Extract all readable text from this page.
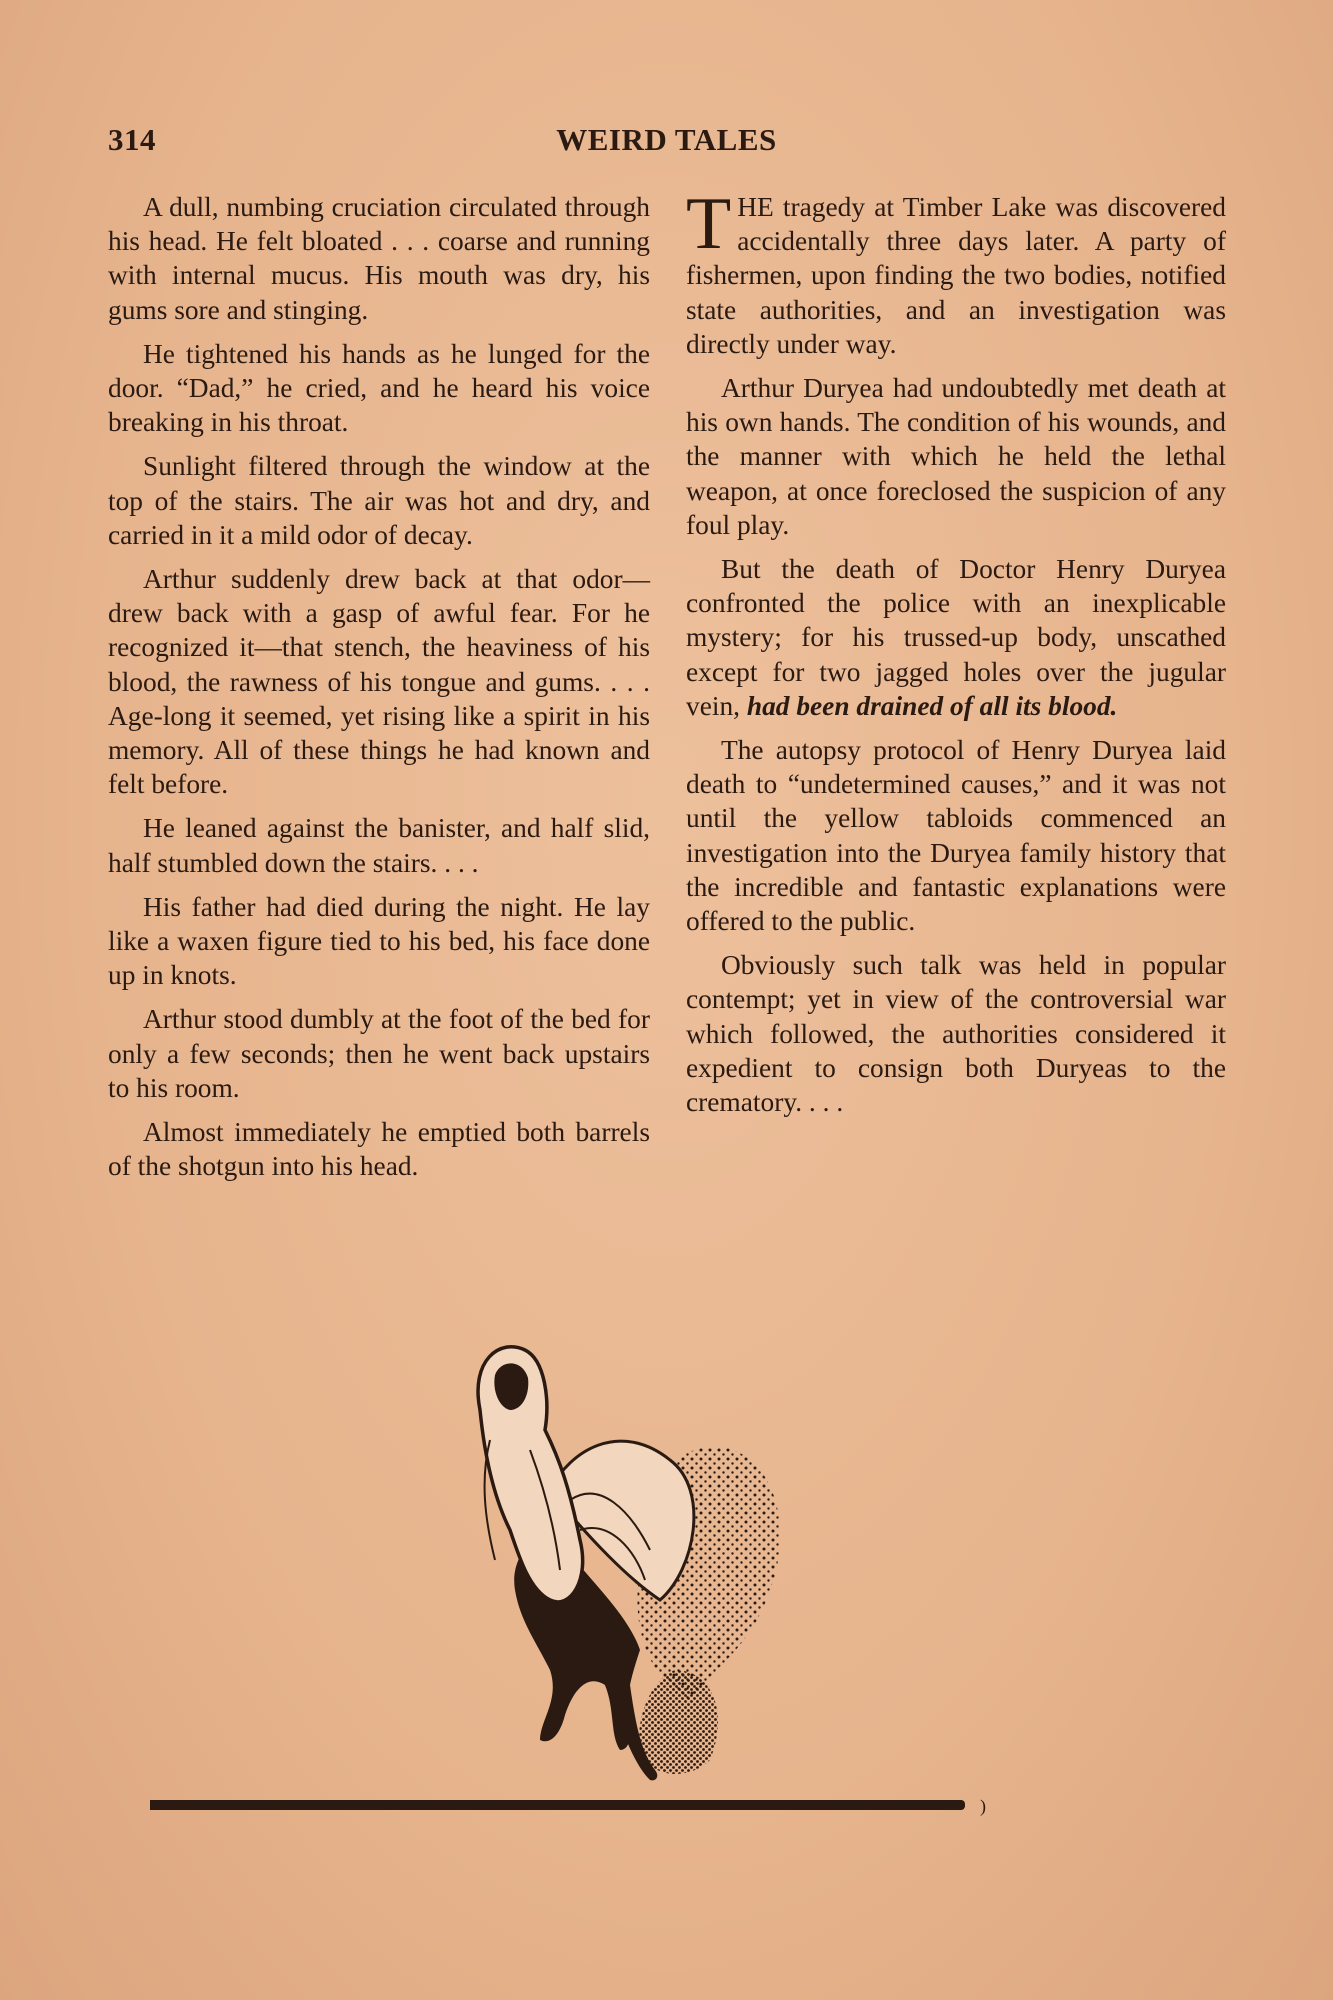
314	WEIRD TALES

A dull, numbing cruciation circulated through his head. He felt bloated . . . coarse and running with internal mucus. His mouth was dry, his gums sore and stinging.

He tightened his hands as he lunged for the door. “Dad,” he cried, and he heard his voice breaking in his throat.

Sunlight filtered through the window at the top of the stairs. The air was hot and dry, and carried in it a mild odor of decay.

Arthur suddenly drew back at that odor—drew back with a gasp of awful fear. For he recognized it—that stench, the heaviness of his blood, the rawness of his tongue and gums. . . . Age-long it seemed, yet rising like a spirit in his memory. All of these things he had known and felt before.

He leaned against the banister, and half slid, half stumbled down the stairs. . . .

His father had died during the night. He lay like a waxen figure tied to his bed, his face done up in knots.

Arthur stood dumbly at the foot of the bed for only a few seconds; then he went back upstairs to his room.

Almost immediately he emptied both barrels of the shotgun into his head.

THE tragedy at Timber Lake was discovered accidentally three days later. A party of fishermen, upon finding the two bodies, notified state authorities, and an investigation was directly under way.

Arthur Duryea had undoubtedly met death at his own hands. The condition of his wounds, and the manner with which he held the lethal weapon, at once foreclosed the suspicion of any foul play.

But the death of Doctor Henry Duryea confronted the police with an inexplicable mystery; for his trussed-up body, unscathed except for two jagged holes over the jugular vein, had been drained of all its blood.

The autopsy protocol of Henry Duryea laid death to “undetermined causes,” and it was not until the yellow tabloids commenced an investigation into the Duryea family history that the incredible and fantastic explanations were offered to the public.

Obviously such talk was held in popular contempt; yet in view of the controversial war which followed, the authorities considered it expedient to consign both Duryeas to the crematory. . . .

)
